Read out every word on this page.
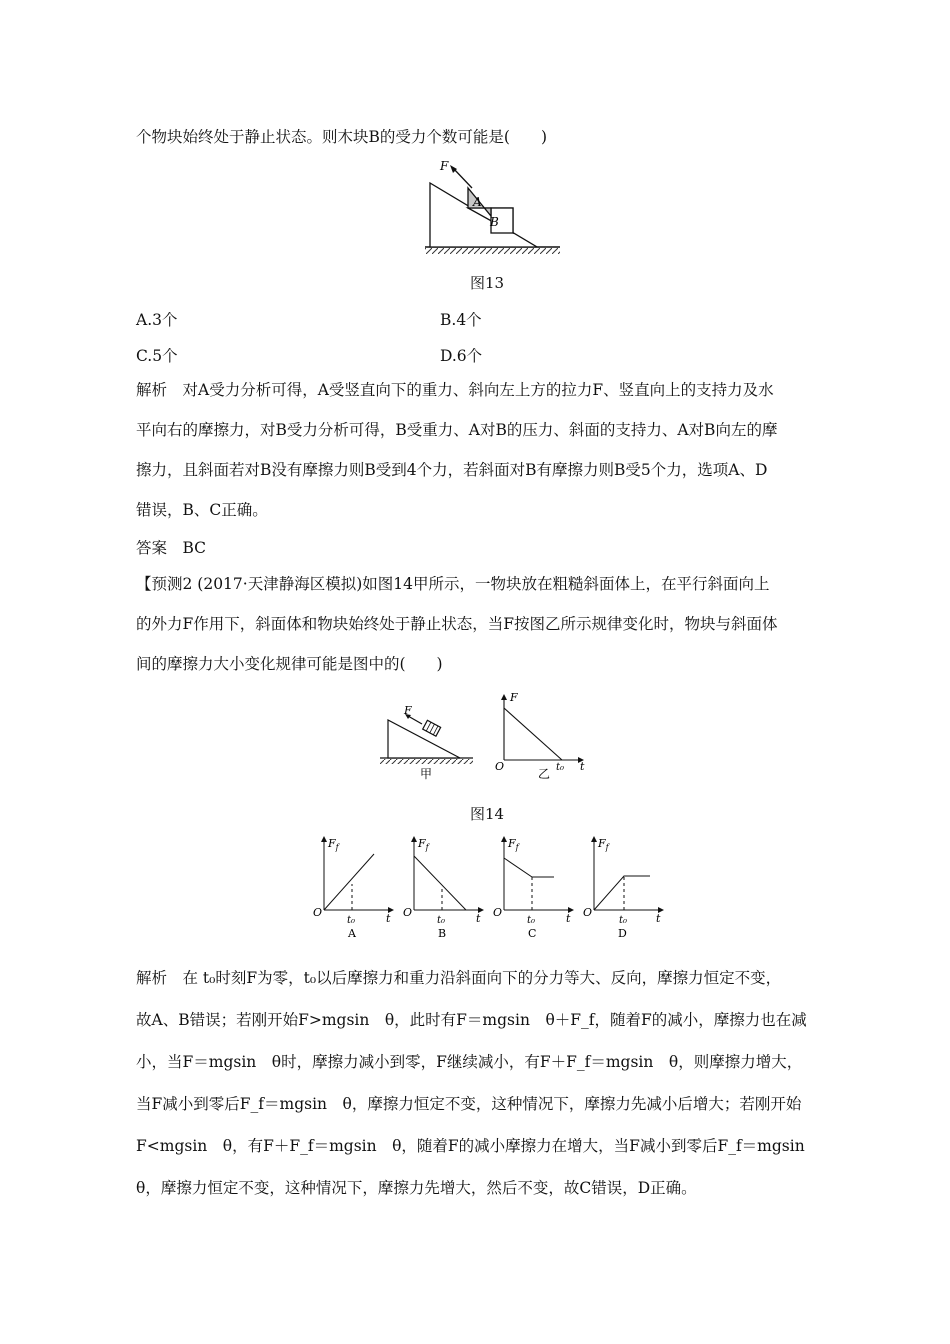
个物块始终处于静止状态。则木块B的受力个数可能是(　　)
F
A
B
图13
A.3个	B.4个
C.5个	D.6个
解析　对A受力分析可得，A受竖直向下的重力、斜向左上方的拉力F、竖直向上的支持力及水
平向右的摩擦力，对B受力分析可得，B受重力、A对B的压力、斜面的支持力、A对B向左的摩
擦力，且斜面若对B没有摩擦力则B受到4个力，若斜面对B有摩擦力则B受5个力，选项A、D
错误，B、C正确。
答案　BC
【预测2 (2017·天津静海区模拟)如图14甲所示，一物块放在粗糙斜面体上，在平行斜面向上
的外力F作用下，斜面体和物块始终处于静止状态，当F按图乙所示规律变化时，物块与斜面体
间的摩擦力大小变化规律可能是图中的(　　)
F
甲
F
O	t₀ t
乙
图14
$F_f$
O
t₀	t
A
$F_f$
O
t₀	t
B
$F_f$
O
t₀	t
C
$F_f$
O
t₀	t
D
解析　在 t₀时刻F为零，t₀以后摩擦力和重力沿斜面向下的分力等大、反向，摩擦力恒定不变，
故A、B错误；若刚开始F>mgsin　θ，此时有F＝mgsin　θ＋F_f，随着F的减小，摩擦力也在减
小，当F＝mgsin　θ时，摩擦力减小到零，F继续减小，有F＋F_f＝mgsin　θ，则摩擦力增大，
当F减小到零后F_f＝mgsin　θ，摩擦力恒定不变，这种情况下，摩擦力先减小后增大；若刚开始
F<mgsin　θ，有F＋F_f＝mgsin　θ，随着F的减小摩擦力在增大，当F减小到零后F_f＝mgsin
θ，摩擦力恒定不变，这种情况下，摩擦力先增大，然后不变，故C错误，D正确。
